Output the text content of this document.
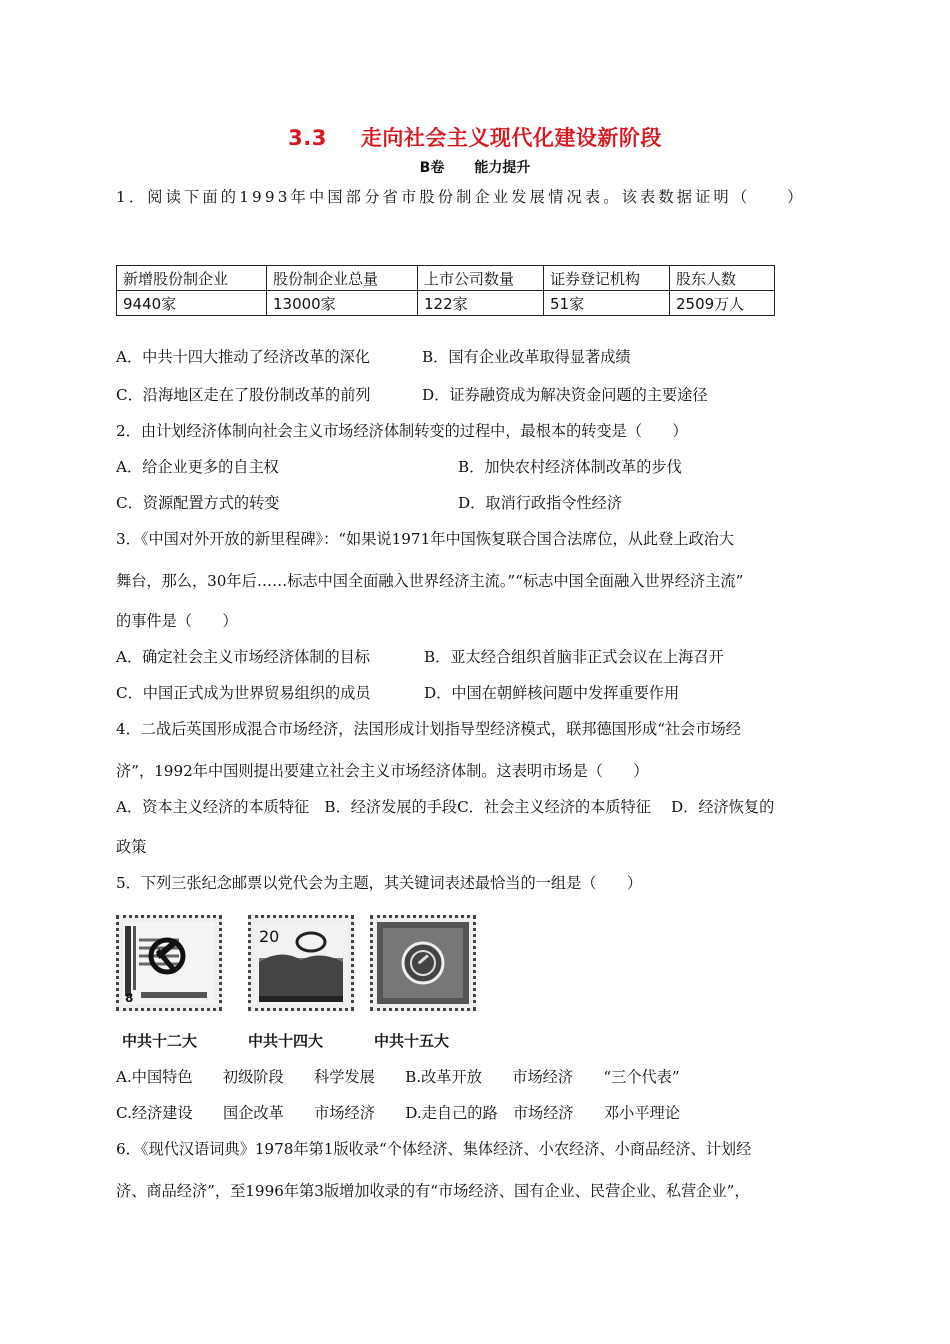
3.3 走向社会主义现代化建设新阶段
B卷 能力提升
1．阅读下面的1993年中国部分省市股份制企业发展情况表。该表数据证明（　　）
新增股份制企业	股份制企业总量	上市公司数量	证券登记机构	股东人数
9440家	13000家	122家	51家	2509万人
A．中共十四大推动了经济改革的深化	B．国有企业改革取得显著成绩
C．沿海地区走在了股份制改革的前列	D．证券融资成为解决资金问题的主要途径
2．由计划经济体制向社会主义市场经济体制转变的过程中，最根本的转变是（　　）
A．给企业更多的自主权	B．加快农村经济体制改革的步伐
C．资源配置方式的转变	D．取消行政指令性经济
3．《中国对外开放的新里程碑》：“如果说1971年中国恢复联合国合法席位，从此登上政治大
舞台，那么，30年后……标志中国全面融入世界经济主流。”“标志中国全面融入世界经济主流”
的事件是（　　）
A．确定社会主义市场经济体制的目标	B．亚太经合组织首脑非正式会议在上海召开
C．中国正式成为世界贸易组织的成员	D．中国在朝鲜核问题中发挥重要作用
4．二战后英国形成混合市场经济，法国形成计划指导型经济模式，联邦德国形成“社会市场经
济”，1992年中国则提出要建立社会主义市场经济体制。这表明市场是（　　）
A．资本主义经济的本质特征　B．经济发展的手段C．社会主义经济的本质特征　 D．经济恢复的
政策
5．下列三张纪念邮票以党代会为主题，其关键词表述最恰当的一组是（　　）
8
20
中共十二大	中共十四大	中共十五大
A.中国特色　　初级阶段　　科学发展　　B.改革开放　　市场经济　　“三个代表”
C.经济建设　　国企改革　　市场经济　　D.走自己的路　市场经济　　邓小平理论
6．《现代汉语词典》1978年第1版收录“个体经济、集体经济、小农经济、小商品经济、计划经
济、商品经济”，至1996年第3版增加收录的有“市场经济、国有企业、民营企业、私营企业”，
